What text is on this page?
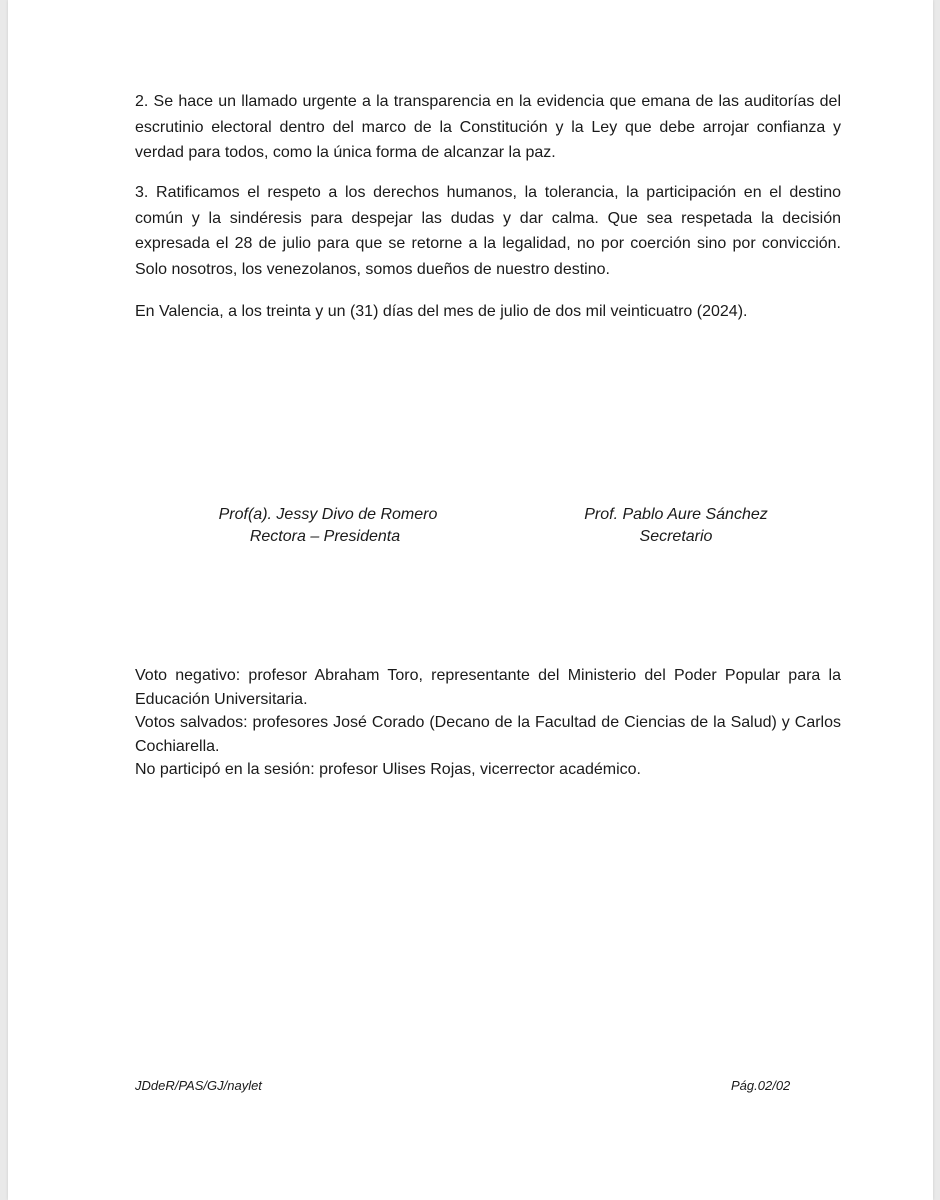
2. Se hace un llamado urgente a la transparencia en la evidencia que emana de las auditorías del escrutinio electoral dentro del marco de la Constitución y la Ley que debe arrojar confianza y verdad para todos, como la única forma de alcanzar la paz.

3. Ratificamos el respeto a los derechos humanos, la tolerancia, la participación en el destino común y la sindéresis para despejar las dudas y dar calma. Que sea respetada la decisión expresada el 28 de julio para que se retorne a la legalidad, no por coerción sino por convicción. Solo nosotros, los venezolanos, somos dueños de nuestro destino.

En Valencia, a los treinta y un (31) días del mes de julio de dos mil veinticuatro (2024).

Prof(a). Jessy Divo de Romero
Rectora – Presidenta
Prof. Pablo Aure Sánchez
Secretario

Voto negativo: profesor Abraham Toro, representante del Ministerio del Poder Popular para la Educación Universitaria.

Votos salvados: profesores José Corado (Decano de la Facultad de Ciencias de la Salud) y Carlos Cochiarella.

No participó en la sesión: profesor Ulises Rojas, vicerrector académico.

JDdeR/PAS/GJ/naylet	Pág.02/02
